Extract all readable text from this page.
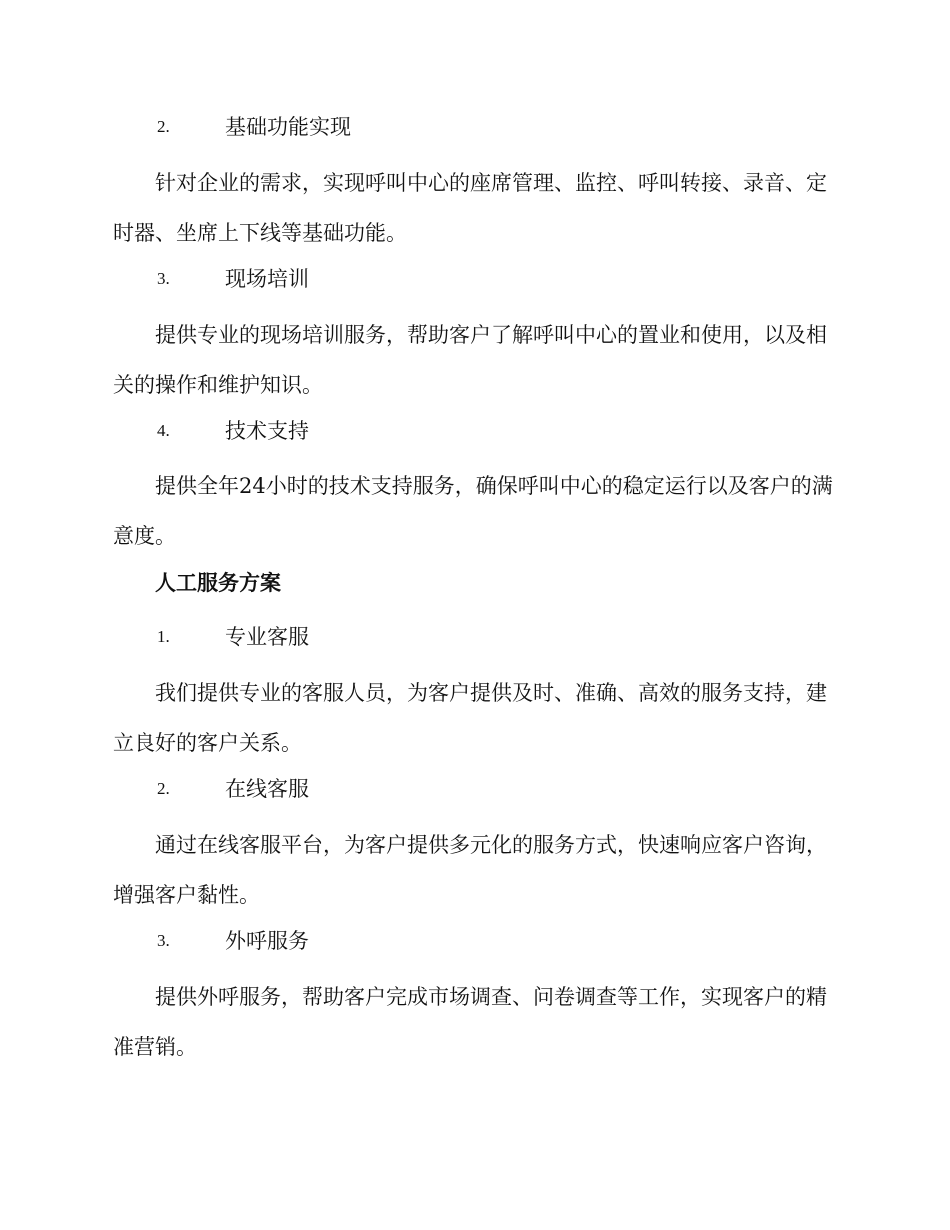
2.	基础功能实现

针对企业的需求，实现呼叫中心的座席管理、监控、呼叫转接、录音、定时器、坐席上下线等基础功能。

3.	现场培训

提供专业的现场培训服务，帮助客户了解呼叫中心的置业和使用，以及相关的操作和维护知识。

4.	技术支持

提供全年24小时的技术支持服务，确保呼叫中心的稳定运行以及客户的满意度。

人工服务方案
1.	专业客服

我们提供专业的客服人员，为客户提供及时、准确、高效的服务支持，建立良好的客户关系。

2.	在线客服

通过在线客服平台，为客户提供多元化的服务方式，快速响应客户咨询，增强客户黏性。

3.	外呼服务

提供外呼服务，帮助客户完成市场调查、问卷调查等工作，实现客户的精准营销。
